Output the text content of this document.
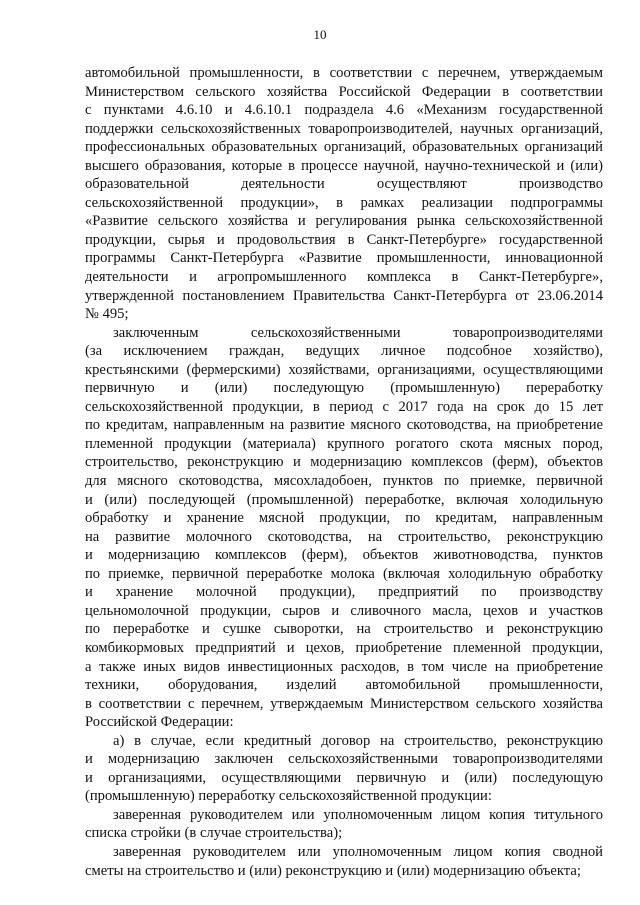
10
автомобильной промышленности, в соответствии с перечнем, утверждаемым
Министерством сельского хозяйства Российской Федерации в соответствии
с пунктами 4.6.10 и 4.6.10.1 подраздела 4.6 «Механизм государственной
поддержки сельскохозяйственных товаропроизводителей, научных организаций,
профессиональных образовательных организаций, образовательных организаций
высшего образования, которые в процессе научной, научно-технической и (или)
образовательной деятельности осуществляют производство
сельскохозяйственной продукции», в рамках реализации подпрограммы
«Развитие сельского хозяйства и регулирования рынка сельскохозяйственной
продукции, сырья и продовольствия в Санкт-Петербурге» государственной
программы Санкт-Петербурга «Развитие промышленности, инновационной
деятельности и агропромышленного комплекса в Санкт-Петербурге»,
утвержденной постановлением Правительства Санкт-Петербурга от 23.06.2014
№ 495;
заключенным сельскохозяйственными товаропроизводителями
(за исключением граждан, ведущих личное подсобное хозяйство),
крестьянскими (фермерскими) хозяйствами, организациями, осуществляющими
первичную и (или) последующую (промышленную) переработку
сельскохозяйственной продукции, в период с 2017 года на срок до 15 лет
по кредитам, направленным на развитие мясного скотоводства, на приобретение
племенной продукции (материала) крупного рогатого скота мясных пород,
строительство, реконструкцию и модернизацию комплексов (ферм), объектов
для мясного скотоводства, мясохладобоен, пунктов по приемке, первичной
и (или) последующей (промышленной) переработке, включая холодильную
обработку и хранение мясной продукции, по кредитам, направленным
на развитие молочного скотоводства, на строительство, реконструкцию
и модернизацию комплексов (ферм), объектов животноводства, пунктов
по приемке, первичной переработке молока (включая холодильную обработку
и хранение молочной продукции), предприятий по производству
цельномолочной продукции, сыров и сливочного масла, цехов и участков
по переработке и сушке сыворотки, на строительство и реконструкцию
комбикормовых предприятий и цехов, приобретение племенной продукции,
а также иных видов инвестиционных расходов, в том числе на приобретение
техники, оборудования, изделий автомобильной промышленности,
в соответствии с перечнем, утверждаемым Министерством сельского хозяйства
Российской Федерации:
а) в случае, если кредитный договор на строительство, реконструкцию
и модернизацию заключен сельскохозяйственными товаропроизводителями
и организациями, осуществляющими первичную и (или) последующую
(промышленную) переработку сельскохозяйственной продукции:
заверенная руководителем или уполномоченным лицом копия титульного
списка стройки (в случае строительства);
заверенная руководителем или уполномоченным лицом копия сводной
сметы на строительство и (или) реконструкцию и (или) модернизацию объекта;
